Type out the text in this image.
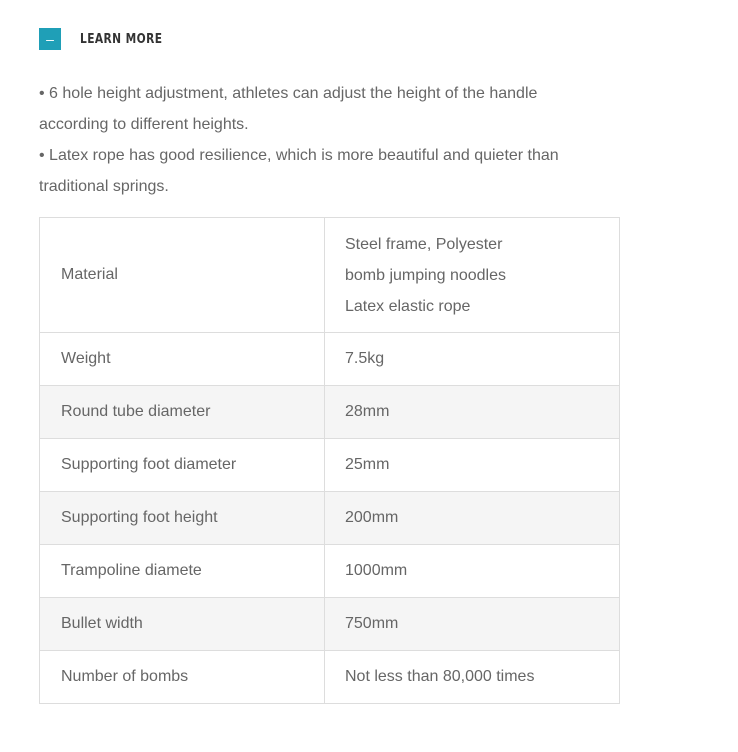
– LEARN MORE

• 6 hole height adjustment, athletes can adjust the height of the handle according to different heights.

• Latex rope has good resilience, which is more beautiful and quieter than traditional springs.

Material	Steel frame, Polyester
bomb jumping noodles
Latex elastic rope

Weight	7.5kg
Round tube diameter	28mm
Supporting foot diameter	25mm
Supporting foot height	200mm
Trampoline diamete	1000mm
Bullet width	750mm
Number of bombs	Not less than 80,000 times
